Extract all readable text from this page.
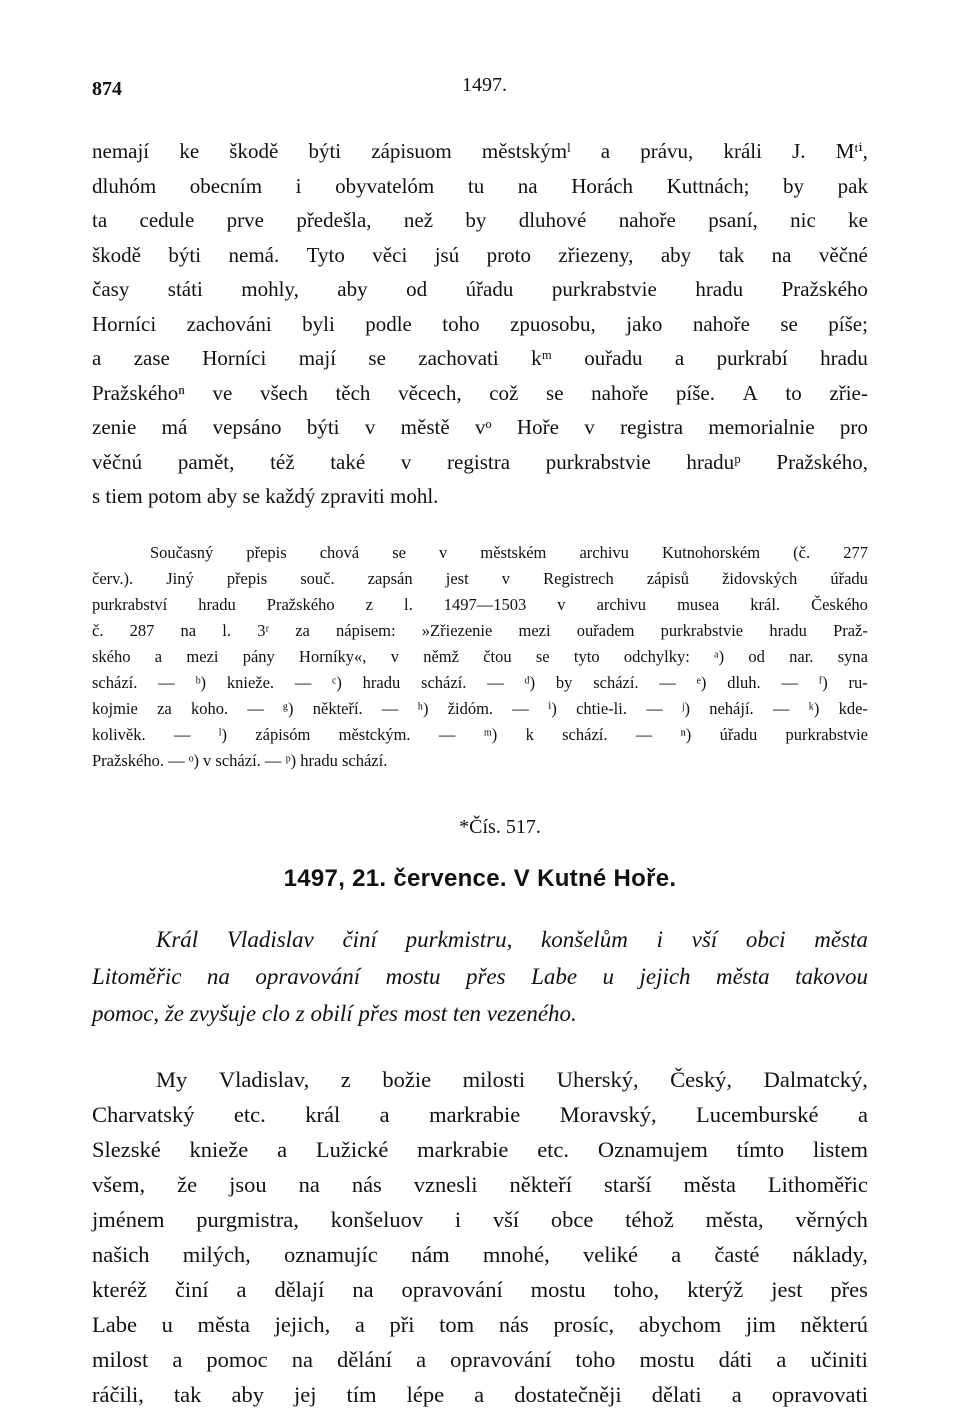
874	1497.
nemají ke škodě býti zápisuom městskýmˡ a právu, králi J. Mᵗⁱ,
dluhóm obecním i obyvatelóm tu na Horách Kuttnách; by pak
ta cedule prve předešla, než by dluhové nahoře psaní, nic ke
škodě býti nemá. Tyto věci jsú proto zřiezeny, aby tak na věčné
časy státi mohly, aby od úřadu purkrabstvie hradu Pražského
Horníci zachováni byli podle toho zpuosobu, jako nahoře se píše;
a zase Horníci mají se zachovati kᵐ ouřadu a purkrabí hradu
Pražskéhoⁿ ve všech těch věcech, což se nahoře píše. A to zřie-
zenie má vepsáno býti v městě vᵒ Hoře v registra memorialnie pro
věčnú pamět, též také v registra purkrabstvie hraduᵖ Pražského,
s tiem potom aby se každý zpraviti mohl.
Současný přepis chová se v městském archivu Kutnohorském (č. 277
červ.). Jiný přepis souč. zapsán jest v Registrech zápisů židovských úřadu
purkrabství hradu Pražského z l. 1497—1503 v archivu musea král. Českého
č. 287 na l. 3ʳ za nápisem: »Zřiezenie mezi ouřadem purkrabstvie hradu Praž-
ského a mezi pány Horníky«, v němž čtou se tyto odchylky: ᵃ) od nar. syna
schází. — ᵇ) knieže. — ᶜ) hradu schází. — ᵈ) by schází. — ᵉ) dluh. — ᶠ) ru-
kojmie za koho. — ᵍ) někteří. — ʰ) židóm. — ⁱ) chtie-li. — ʲ) nehájí. — ᵏ) kde-
kolivěk. — ˡ) zápisóm městckým. — ᵐ) k schází. — ⁿ) úřadu purkrabstvie
Pražského. — ᵒ) v schází. — ᵖ) hradu schází.
*Čís. 517.
1497, 21. července. V Kutné Hoře.
Král Vladislav činí purkmistru, konšelům i vší obci města
Litoměřic na opravování mostu přes Labe u jejich města takovou
pomoc, že zvyšuje clo z obilí přes most ten vezeného.
My Vladislav, z božie milosti Uherský, Český, Dalmatcký,
Charvatský etc. král a markrabie Moravský, Lucemburské a
Slezské knieže a Lužické markrabie etc. Oznamujem tímto listem
všem, že jsou na nás vznesli někteří starší města Lithoměřic
jménem purgmistra, konšeluov i vší obce téhož města, věrných
našich milých, oznamujíc nám mnohé, veliké a časté náklady,
kteréž činí a dělají na opravování mostu toho, kterýž jest přes
Labe u města jejich, a při tom nás prosíc, abychom jim některú
milost a pomoc na dělání a opravování toho mostu dáti a učiniti
ráčili, tak aby jej tím lépe a dostatečněji dělati a opravovati
